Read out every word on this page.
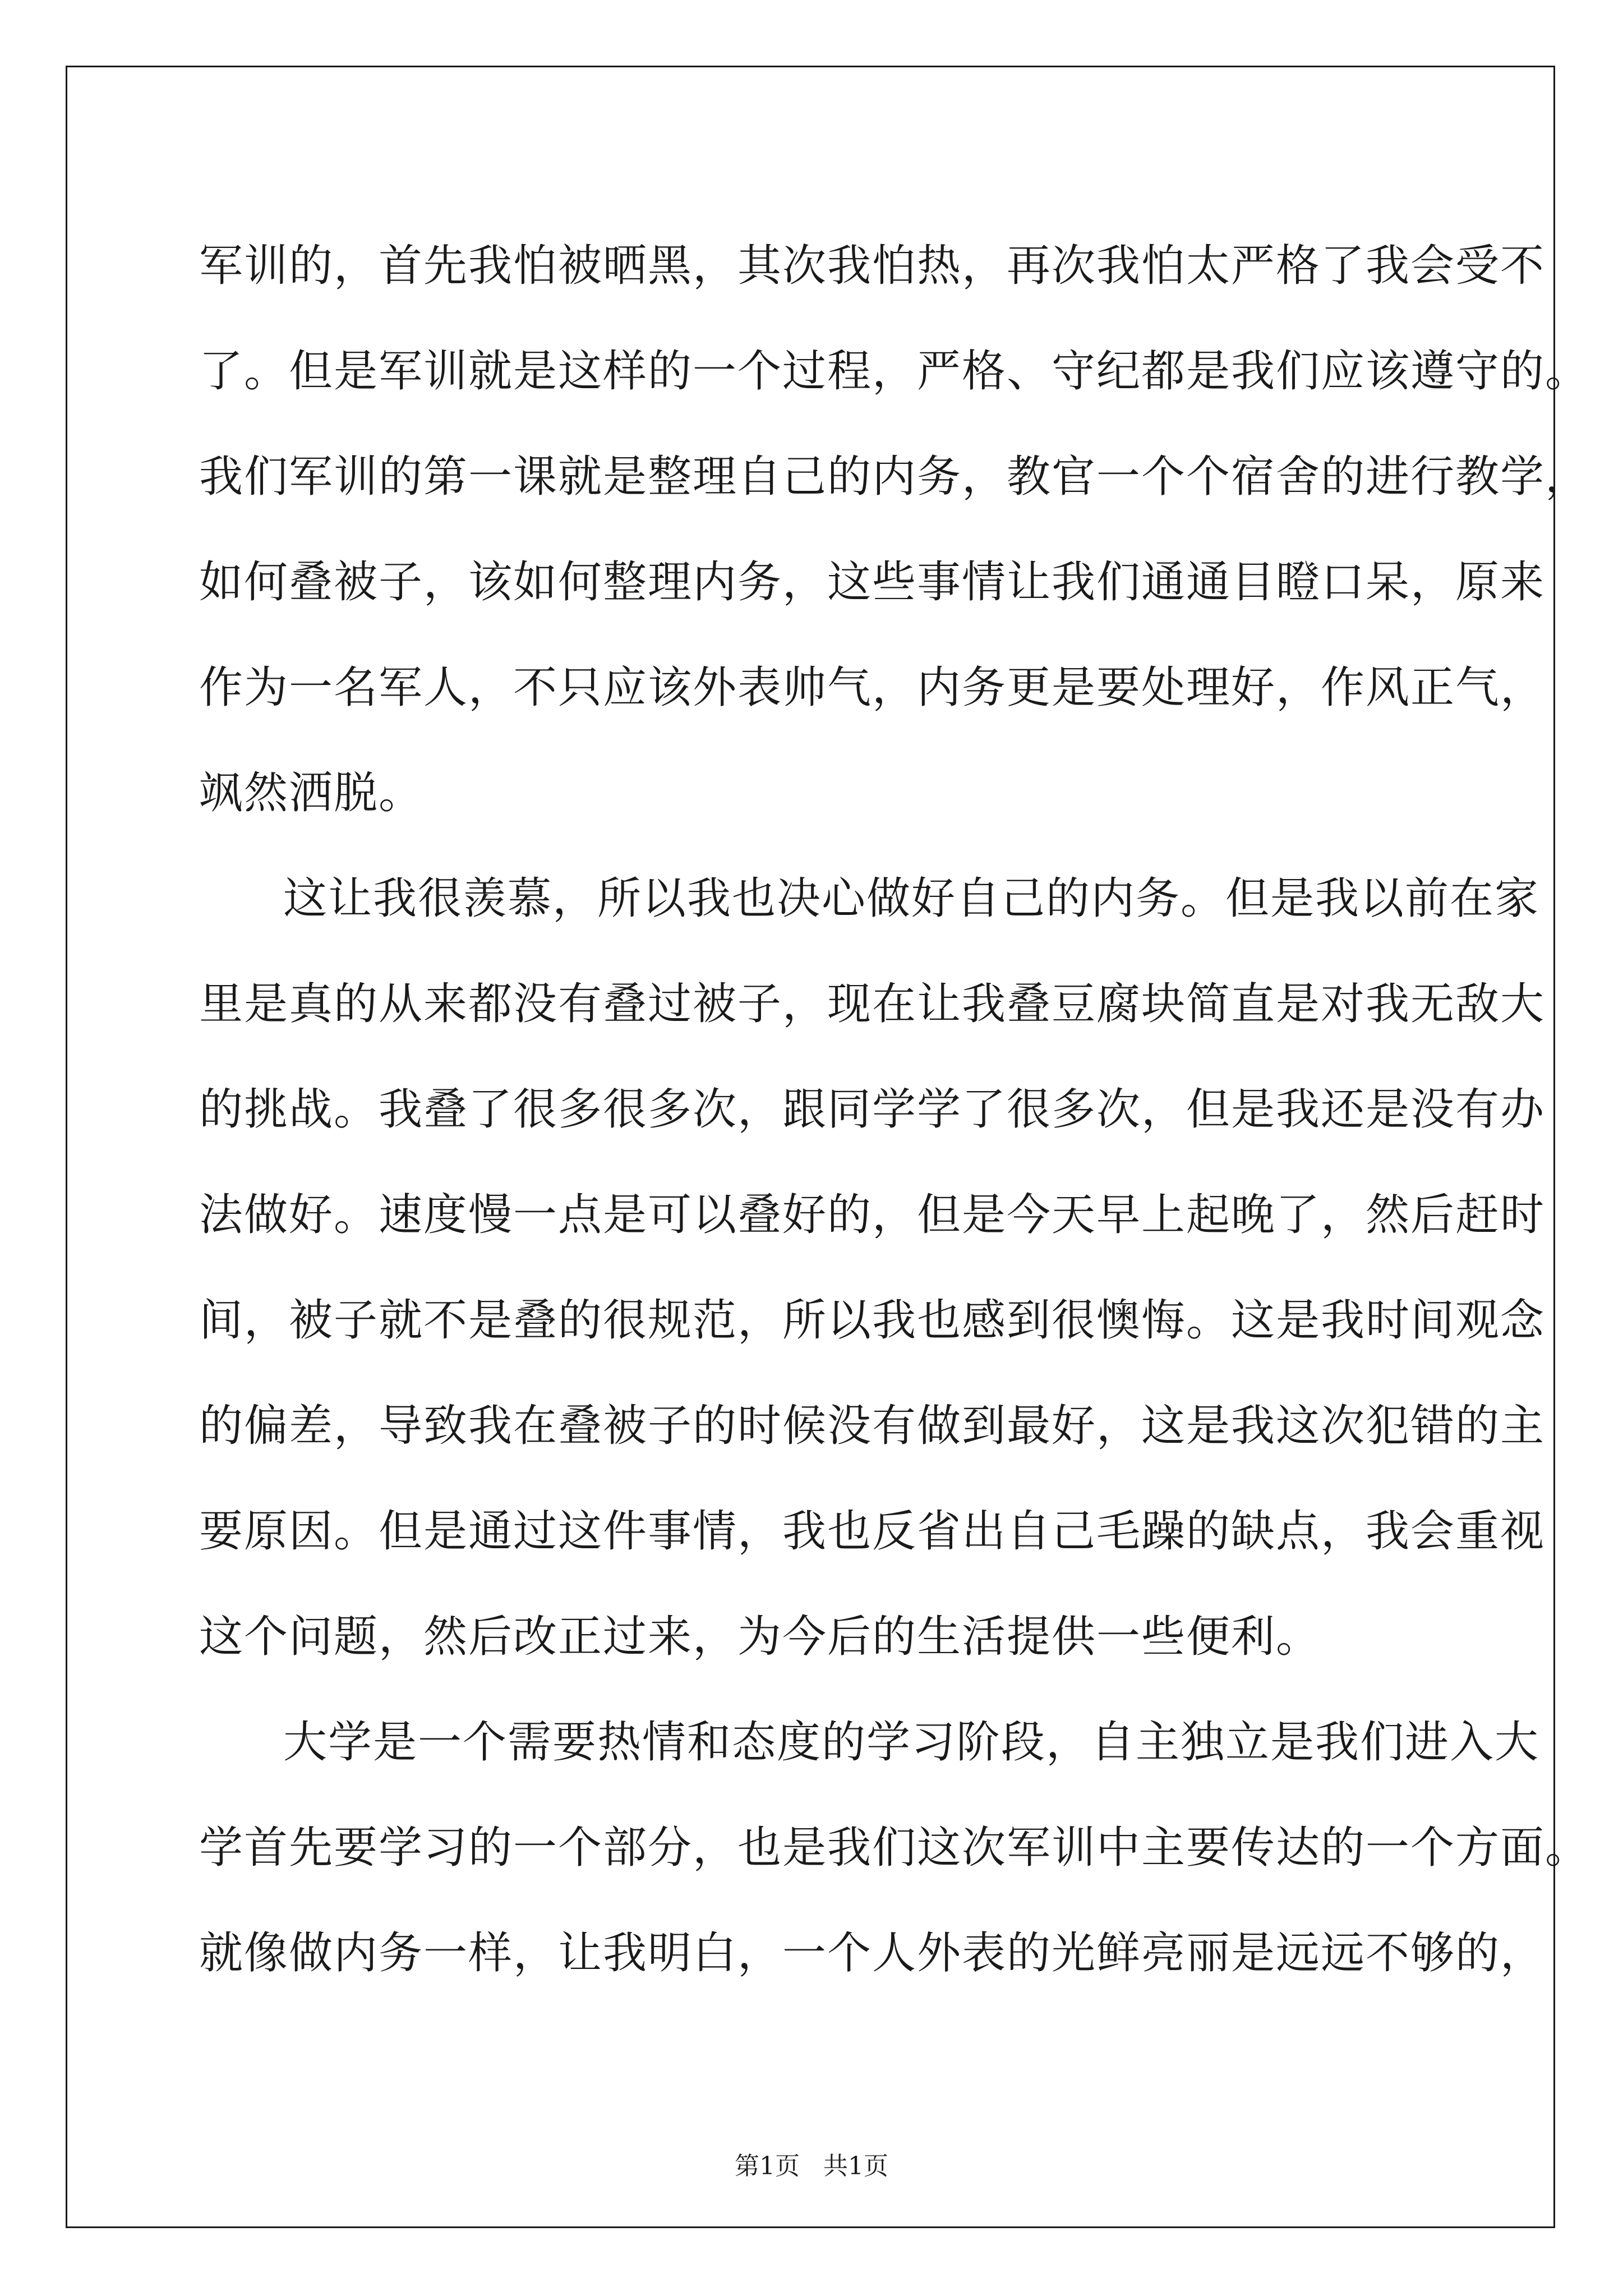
军训的，首先我怕被晒黑，其次我怕热，再次我怕太严格了我会受不
了。但是军训就是这样的一个过程，严格、守纪都是我们应该遵守的。
我们军训的第一课就是整理自己的内务，教官一个个宿舍的进行教学，
如何叠被子，该如何整理内务，这些事情让我们通通目瞪口呆，原来
作为一名军人，不只应该外表帅气，内务更是要处理好，作风正气，
飒然洒脱。
这让我很羡慕，所以我也决心做好自己的内务。但是我以前在家
里是真的从来都没有叠过被子，现在让我叠豆腐块简直是对我无敌大
的挑战。我叠了很多很多次，跟同学学了很多次，但是我还是没有办
法做好。速度慢一点是可以叠好的，但是今天早上起晚了，然后赶时
间，被子就不是叠的很规范，所以我也感到很懊悔。这是我时间观念
的偏差，导致我在叠被子的时候没有做到最好，这是我这次犯错的主
要原因。但是通过这件事情，我也反省出自己毛躁的缺点，我会重视
这个问题，然后改正过来，为今后的生活提供一些便利。
大学是一个需要热情和态度的学习阶段，自主独立是我们进入大
学首先要学习的一个部分，也是我们这次军训中主要传达的一个方面。
就像做内务一样，让我明白，一个人外表的光鲜亮丽是远远不够的，
第1页   共1页
